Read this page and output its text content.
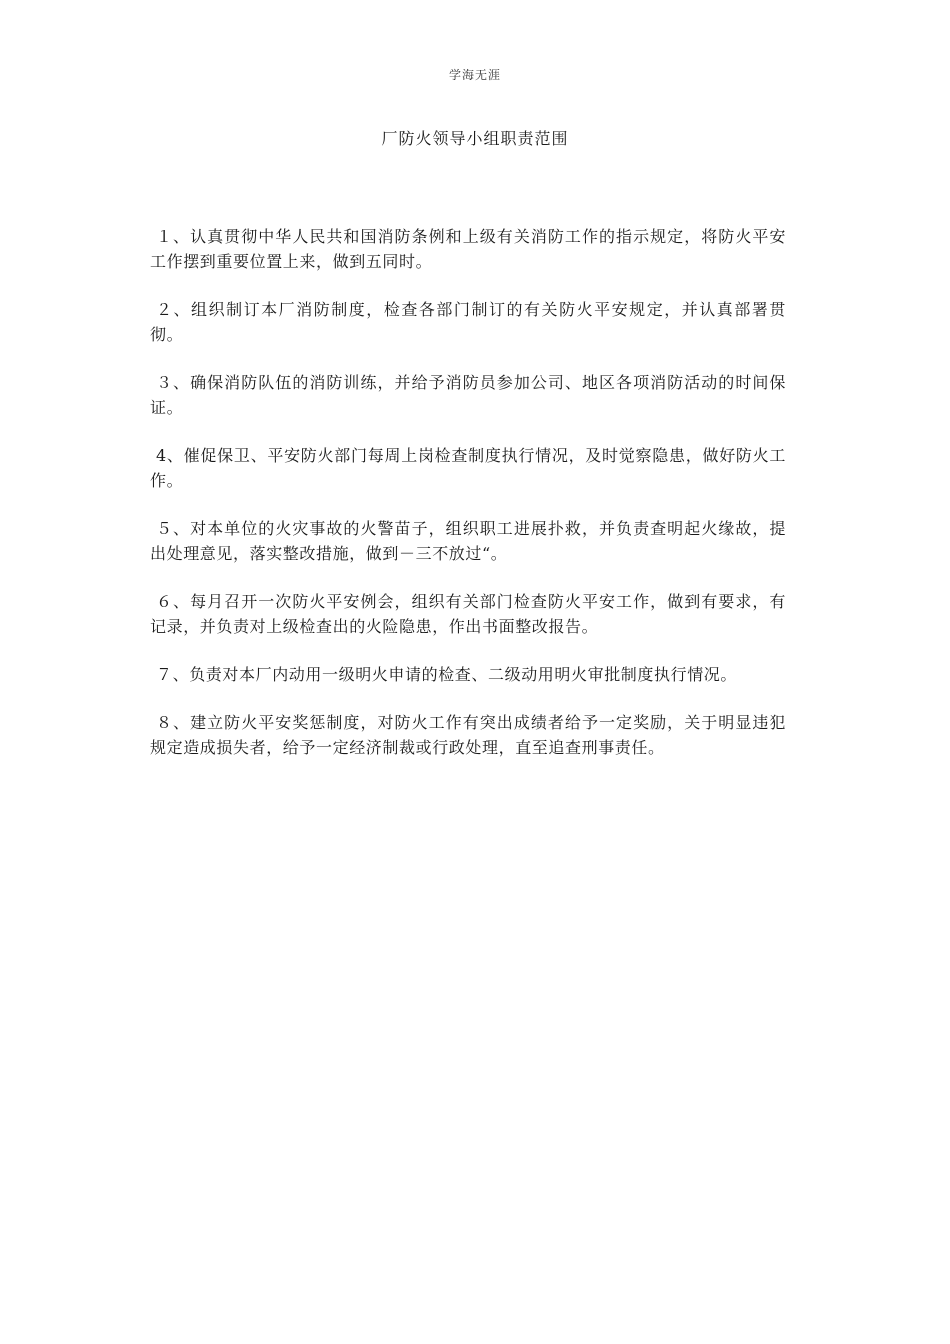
学海无涯
厂防火领导小组职责范围

１、认真贯彻中华人民共和国消防条例和上级有关消防工作的指示规定，将防火平安工作摆到重要位置上来，做到五同时。

２、组织制订本厂消防制度，检查各部门制订的有关防火平安规定，并认真部署贯彻。

３、确保消防队伍的消防训练，并给予消防员参加公司、地区各项消防活动的时间保证。

4、催促保卫、平安防火部门每周上岗检查制度执行情况，及时觉察隐患，做好防火工作。

５、对本单位的火灾事故的火警苗子，组织职工进展扑救，并负责查明起火缘故，提出处理意见，落实整改措施，做到－三不放过“。

６、每月召开一次防火平安例会，组织有关部门检查防火平安工作，做到有要求，有记录，并负责对上级检查出的火险隐患，作出书面整改报告。

７、负责对本厂内动用一级明火申请的检查、二级动用明火审批制度执行情况。

８、建立防火平安奖惩制度，对防火工作有突出成绩者给予一定奖励，关于明显违犯规定造成损失者，给予一定经济制裁或行政处理，直至追查刑事责任。
